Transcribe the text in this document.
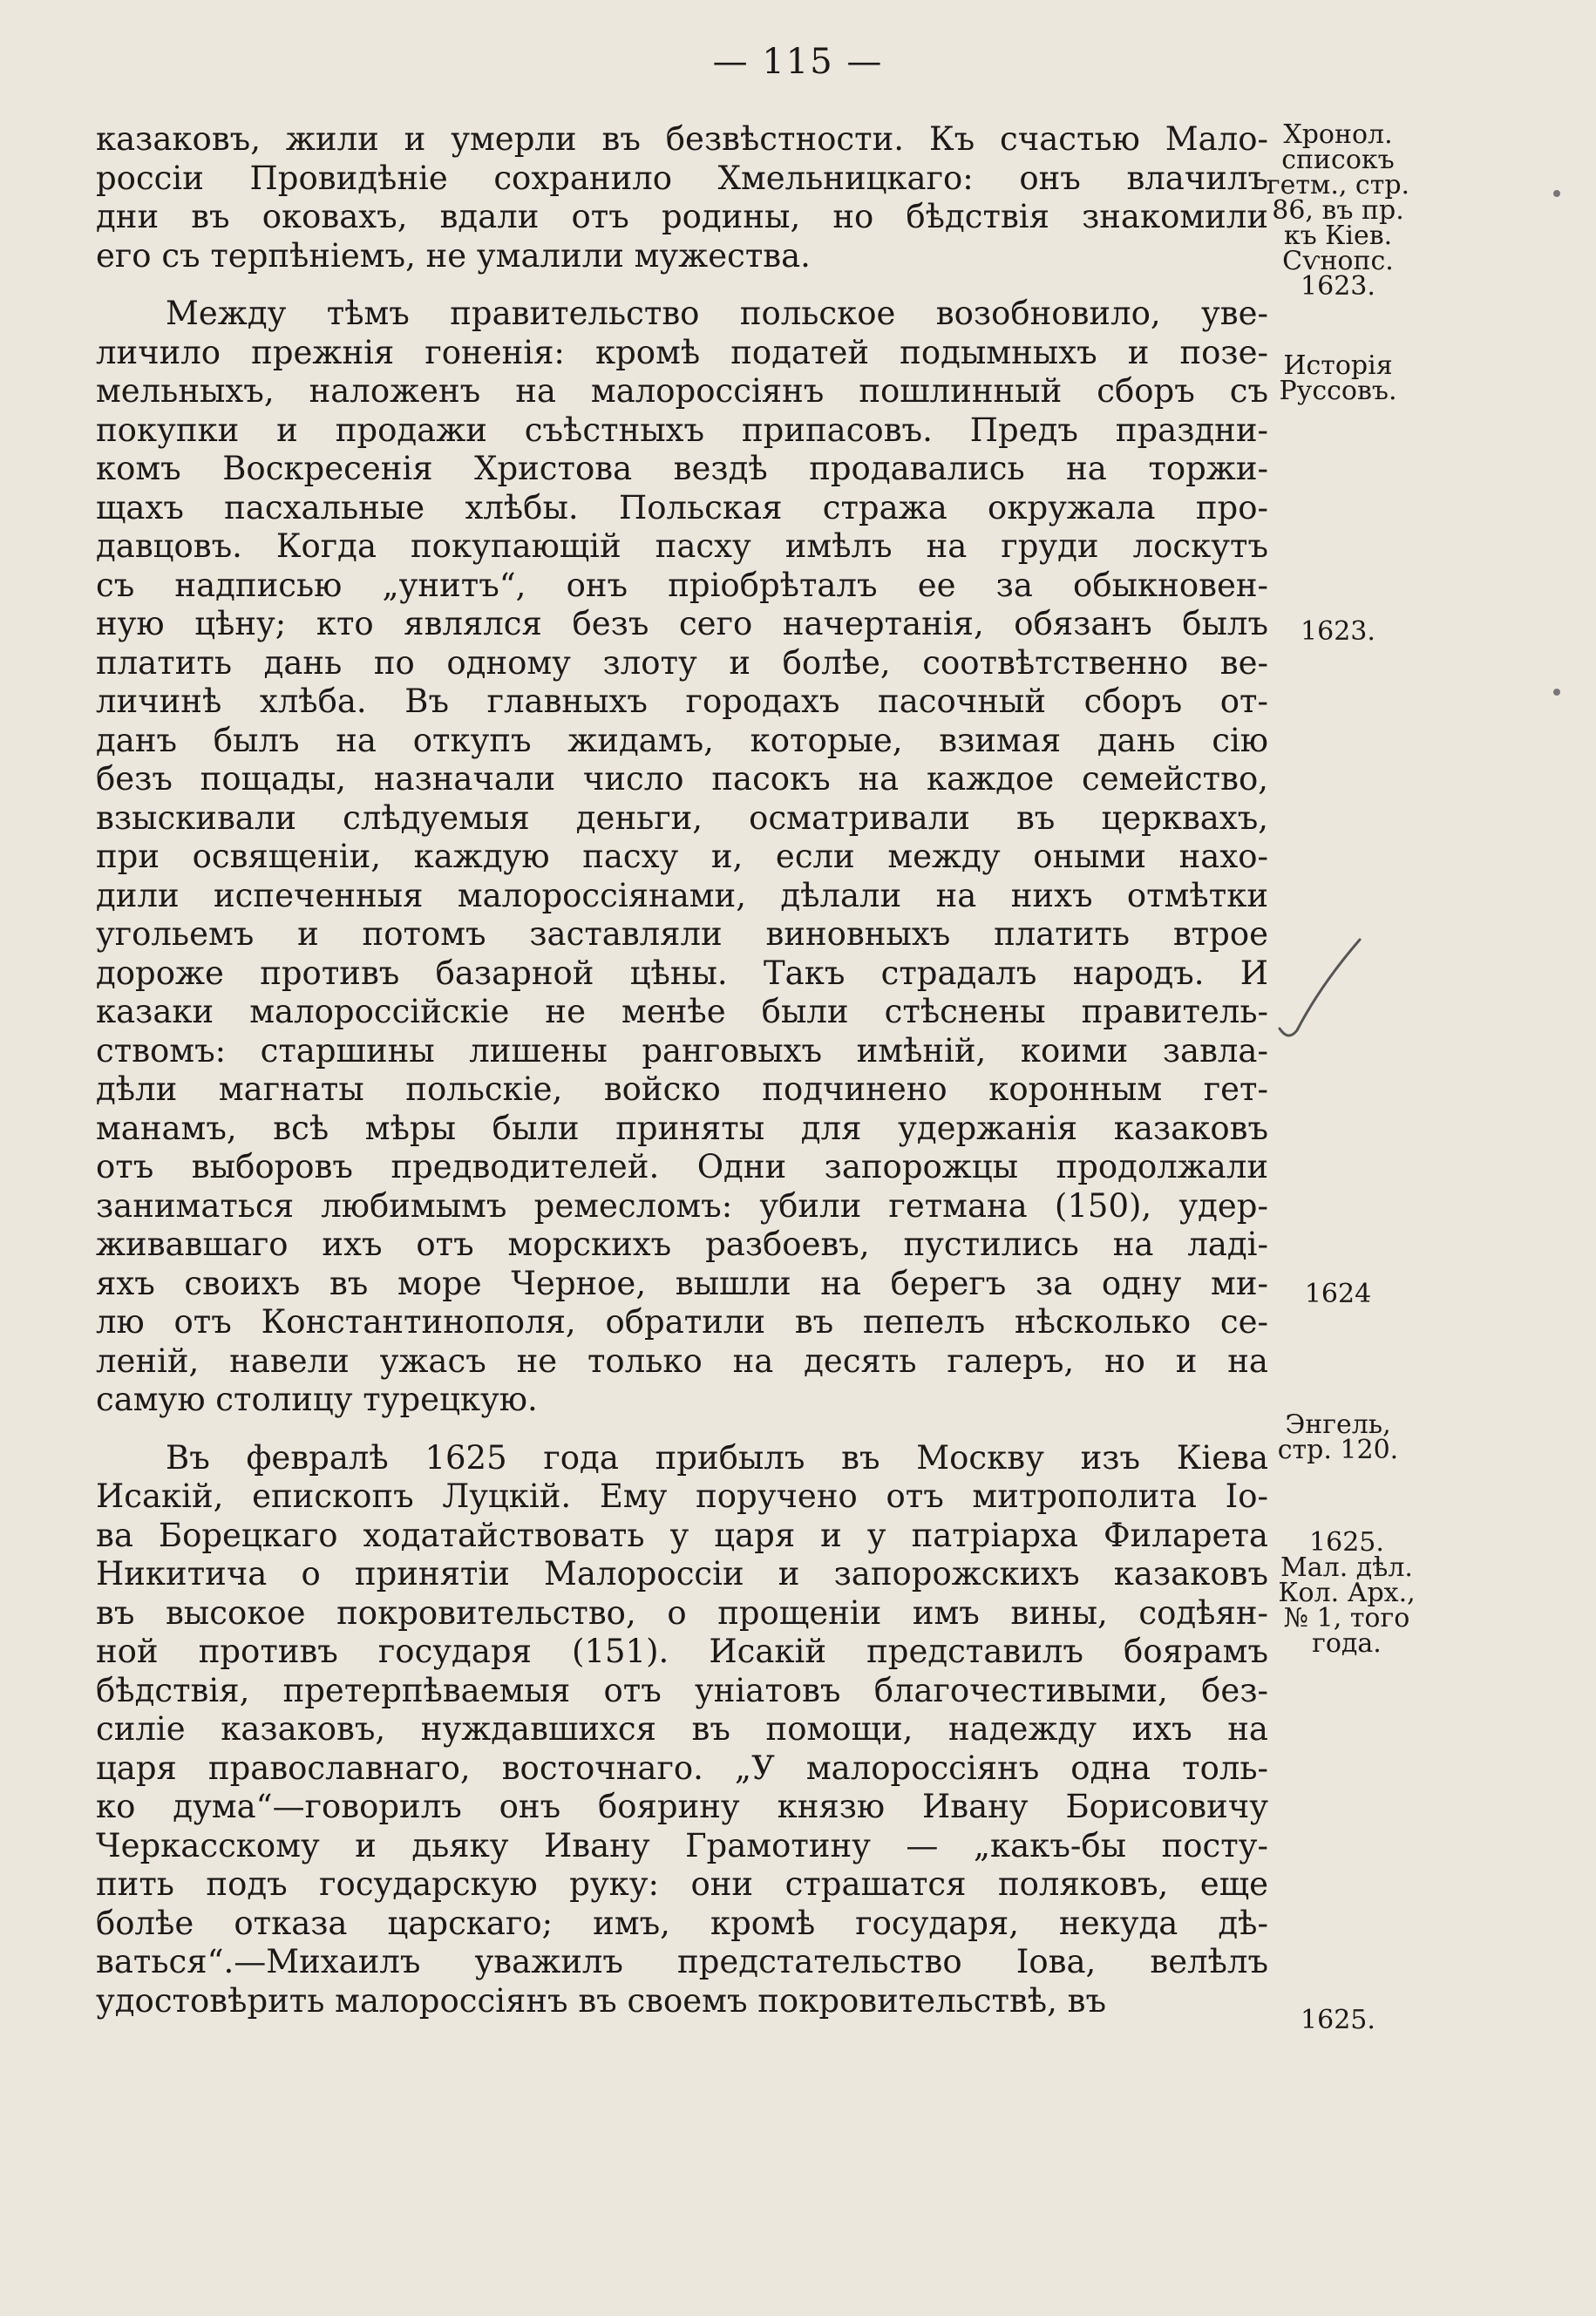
— 115 —
казаковъ, жили и умерли въ безвѣстности. Къ счастью Мало-
россіи Провидѣніе сохранило Хмельницкаго: онъ влачилъ
дни въ оковахъ, вдали отъ родины, но бѣдствія знакомили
его съ терпѣніемъ, не умалили мужества.
Между тѣмъ правительство польское возобновило, уве-
личило прежнія гоненія: кромѣ податей подымныхъ и позе-
мельныхъ, наложенъ на малороссіянъ пошлинный сборъ съ
покупки и продажи съѣстныхъ припасовъ. Предъ праздни-
комъ Воскресенія Христова вездѣ продавались на торжи-
щахъ пасхальные хлѣбы. Польская стража окружала про-
давцовъ. Когда покупающій пасху имѣлъ на груди лоскутъ
съ надписью „унитъ“, онъ пріобрѣталъ ее за обыкновен-
ную цѣну; кто являлся безъ сего начертанія, обязанъ былъ
платить дань по одному злоту и болѣе, соотвѣтственно ве-
личинѣ хлѣба. Въ главныхъ городахъ пасочный сборъ от-
данъ былъ на откупъ жидамъ, которые, взимая дань сію
безъ пощады, назначали число пасокъ на каждое семейство,
взыскивали слѣдуемыя деньги, осматривали въ церквахъ,
при освященіи, каждую пасху и, если между оными нахо-
дили испеченныя малороссіянами, дѣлали на нихъ отмѣтки
угольемъ и потомъ заставляли виновныхъ платить втрое
дороже противъ базарной цѣны. Такъ страдалъ народъ. И
казаки малороссійскіе не менѣе были стѣснены правитель-
ствомъ: старшины лишены ранговыхъ имѣній, коими завла-
дѣли магнаты польскіе, войско подчинено коронным гет-
манамъ, всѣ мѣры были приняты для удержанія казаковъ
отъ выборовъ предводителей. Одни запорожцы продолжали
заниматься любимымъ ремесломъ: убили гетмана (150), удер-
живавшаго ихъ отъ морскихъ разбоевъ, пустились на ладі-
яхъ своихъ въ море Черное, вышли на берегъ за одну ми-
лю отъ Константинополя, обратили въ пепелъ нѣсколько се-
леній, навели ужасъ не только на десять галеръ, но и на
самую столицу турецкую.
Въ февралѣ 1625 года прибылъ въ Москву изъ Кіева
Исакій, епископъ Луцкій. Ему поручено отъ митрополита Іо-
ва Борецкаго ходатайствовать у царя и у патріарха Филарета
Никитича о принятіи Малороссіи и запорожскихъ казаковъ
въ высокое покровительство, о прощеніи имъ вины, содѣян-
ной противъ государя (151). Исакій представилъ боярамъ
бѣдствія, претерпѣваемыя отъ уніатовъ благочестивыми, без-
силіе казаковъ, нуждавшихся въ помощи, надежду ихъ на
царя православнаго, восточнаго. „У малороссіянъ одна толь-
ко дума“—говорилъ онъ боярину князю Ивану Борисовичу
Черкасскому и дьяку Ивану Грамотину — „какъ-бы посту-
пить подъ государскую руку: они страшатся поляковъ, еще
болѣе отказа царскаго; имъ, кромѣ государя, некуда дѣ-
ваться“.—Михаилъ уважилъ предстательство Іова, велѣлъ
удостовѣрить малороссіянъ въ своемъ покровительствѣ, въ
Хронол.
списокъ
гетм., стр.
86, въ пр.
къ Кіев.
Сѵнопс.
1623.
Исторія
Руссовъ.
1623.
1624
Энгель,
стр. 120.
1625.
Мал. дѣл.
Кол. Арх.,
№ 1, того
года.
1625.
